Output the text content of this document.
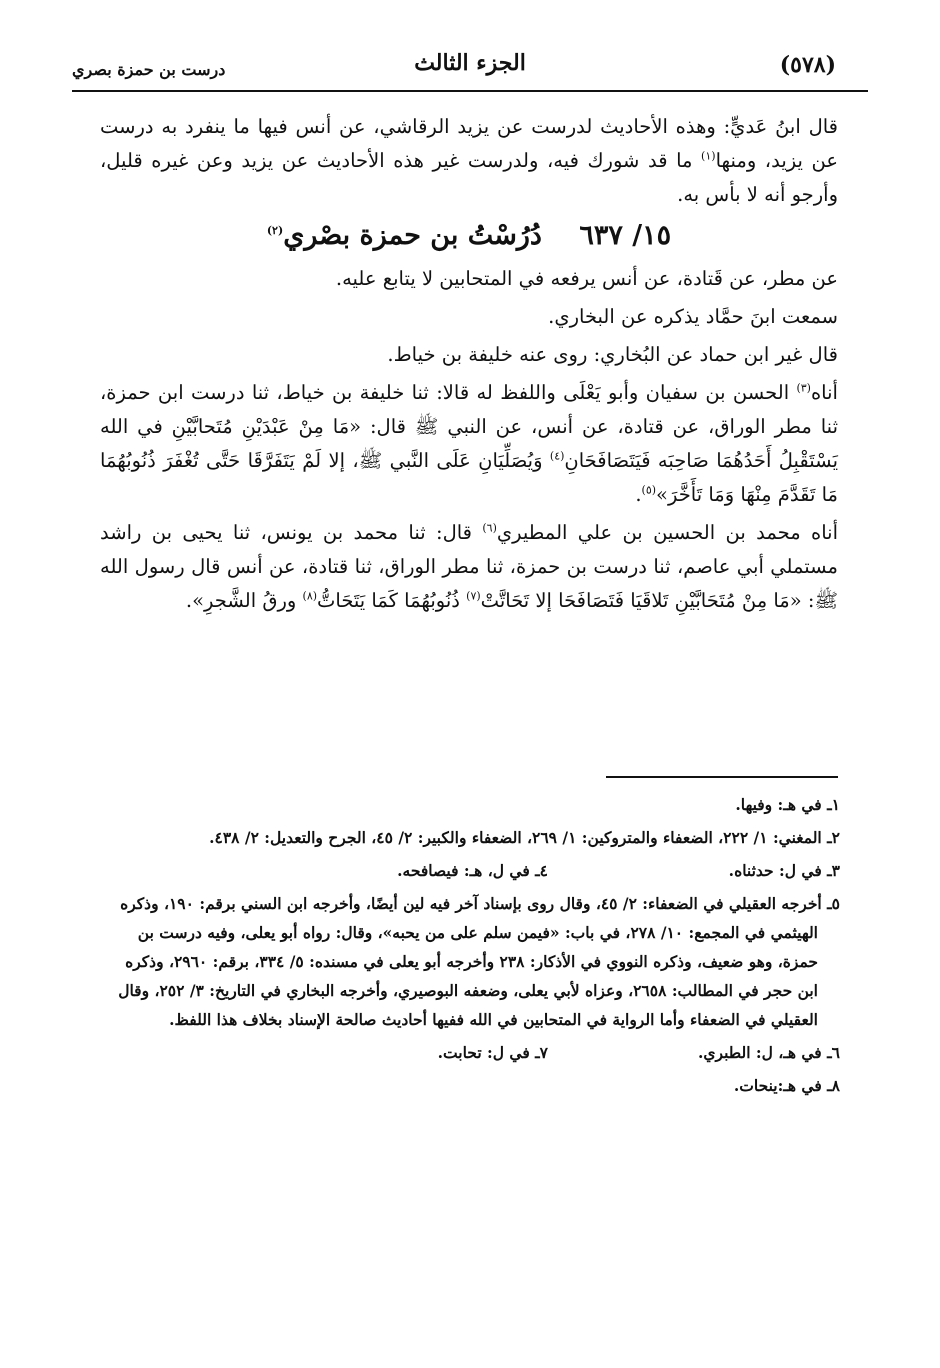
(٥٧٨)
الجزء الثالث
درست بن حمزة بصري

قال ابنُ عَديٍّ: وهذه الأحاديث لدرست عن يزيد الرقاشي، عن أنس فيها ما ينفرد به درست عن يزيد، ومنها$^{(١)}$ ما قد شورك فيه، ولدرست غير هذه الأحاديث عن يزيد وعن غيره قليل، وأرجو أنه لا بأس به.

١٥/ ٦٣٧ دُرُسْتُ بن حمزة بصْري$^{(٢)}$

عن مطر، عن قَتادة، عن أنس يرفعه في المتحابين لا يتابع عليه.

سمعت ابنَ حمَّاد يذكره عن البخاري.

قال غير ابن حماد عن البُخاري: روى عنه خليفة بن خياط.

أناه$^{(٣)}$ الحسن بن سفيان وأبو يَعْلَى واللفظ له قالا: ثنا خليفة بن خياط، ثنا درست ابن حمزة، ثنا مطر الوراق، عن قتادة، عن أنس، عن النبي ﷺ قال: «مَا مِنْ عَبْدَيْنِ مُتَحابَّيْنِ في الله يَسْتَقْبِلُ أَحَدُهُمَا صَاحِبَه فَيَتَصَافَحَانِ$^{(٤)}$ وَيُصَلِّيَانِ عَلَى النَّبي ﷺ، إلا لَمْ يَتَفَرَّقَا حَتَّى تُغْفَرَ ذُنُوبُهُمَا مَا تَقَدَّمَ مِنْهَا وَمَا تَأَخَّرَ»$^{(٥)}$.

أناه محمد بن الحسين بن علي المطيري$^{(٦)}$ قال: ثنا محمد بن يونس، ثنا يحيى بن راشد مستملي أبي عاصم، ثنا درست بن حمزة، ثنا مطر الوراق، ثنا قتادة، عن أنس قال رسول الله ﷺ: «مَا مِنْ مُتَحَابَّيْنِ تَلاقَيَا فَتَصَافَحَا إلا تَحَاتَّتْ$^{(٧)}$ ذُنُوبُهُمَا كَمَا يَتَحَاتُّ$^{(٨)}$ ورقُ الشَّجرِ».

١ـ في هـ: وفيها.
٢ـ المغني: ١/ ٢٢٢، الضعفاء والمتروكين: ١/ ٢٦٩، الضعفاء والكبير: ٢/ ٤٥، الجرح والتعديل: ٢/ ٤٣٨.
٣ـ في ل: حدثناه.
٤ـ في ل، هـ: فيصافحه.
٥ـ أخرجه العقيلي في الضعفاء: ٢/ ٤٥، وقال روى بإسناد آخر فيه لين أيضًا، وأخرجه ابن السني برقم: ١٩٠، وذكره الهيثمي في المجمع: ١٠/ ٢٧٨، في باب: «فيمن سلم على من يحبه»، وقال: رواه أبو يعلى، وفيه درست بن حمزة، وهو ضعيف، وذكره النووي في الأذكار: ٢٣٨ وأخرجه أبو يعلى في مسنده: ٥/ ٣٣٤، برقم: ٢٩٦٠، وذكره ابن حجر في المطالب: ٢٦٥٨، وعزاه لأبي يعلى، وضعفه البوصيري، وأخرجه البخاري في التاريخ: ٣/ ٢٥٢، وقال العقيلي في الضعفاء وأما الرواية في المتحابين في الله ففيها أحاديث صالحة الإسناد بخلاف هذا اللفظ.
٦ـ في هـ، ل: الطبري.
٧ـ في ل: تحابت.
٨ـ في هـ:ينحات.
